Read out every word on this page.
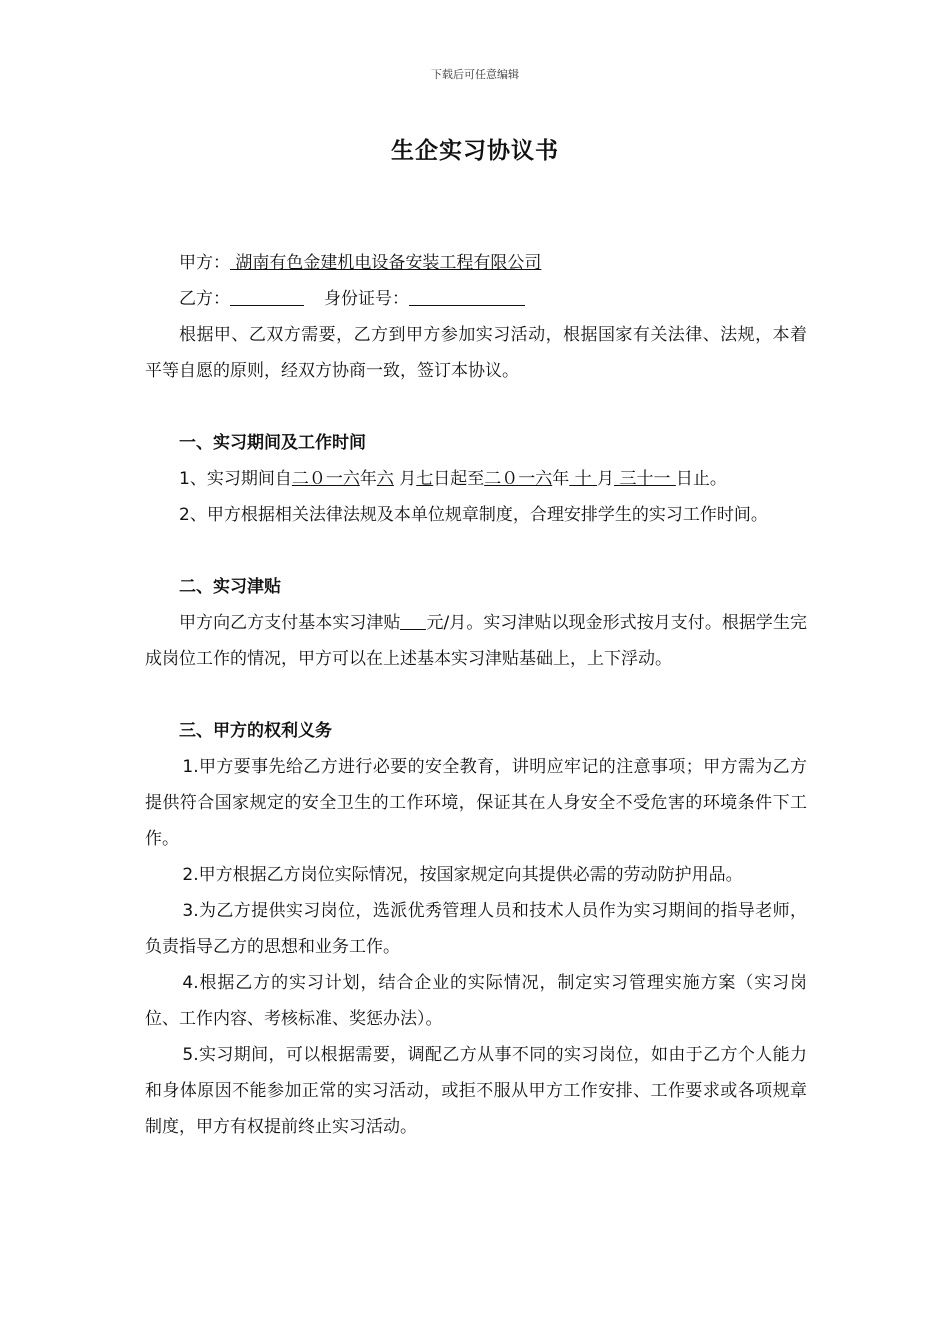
下载后可任意编辑
生企实习协议书

甲方： 湖南有色金建机电设备安装工程有限公司

乙方：	身份证号：

根据甲、乙双方需要，乙方到甲方参加实习活动，根据国家有关法律、法规，本着平等自愿的原则，经双方协商一致，签订本协议。

一、实习期间及工作时间

1、实习期间自二０一六年六 月七日起至二０一六年 十 月 三十一 日止。

2、甲方根据相关法律法规及本单位规章制度，合理安排学生的实习工作时间。

二、实习津贴

甲方向乙方支付基本实习津贴 元/月。实习津贴以现金形式按月支付。根据学生完成岗位工作的情况，甲方可以在上述基本实习津贴基础上，上下浮动。

三、甲方的权利义务

1.甲方要事先给乙方进行必要的安全教育，讲明应牢记的注意事项；甲方需为乙方提供符合国家规定的安全卫生的工作环境，保证其在人身安全不受危害的环境条件下工作。

2.甲方根据乙方岗位实际情况，按国家规定向其提供必需的劳动防护用品。

3.为乙方提供实习岗位，选派优秀管理人员和技术人员作为实习期间的指导老师，负责指导乙方的思想和业务工作。

4.根据乙方的实习计划，结合企业的实际情况，制定实习管理实施方案（实习岗位、工作内容、考核标准、奖惩办法）。

5.实习期间，可以根据需要，调配乙方从事不同的实习岗位，如由于乙方个人能力和身体原因不能参加正常的实习活动，或拒不服从甲方工作安排、工作要求或各项规章制度，甲方有权提前终止实习活动。
